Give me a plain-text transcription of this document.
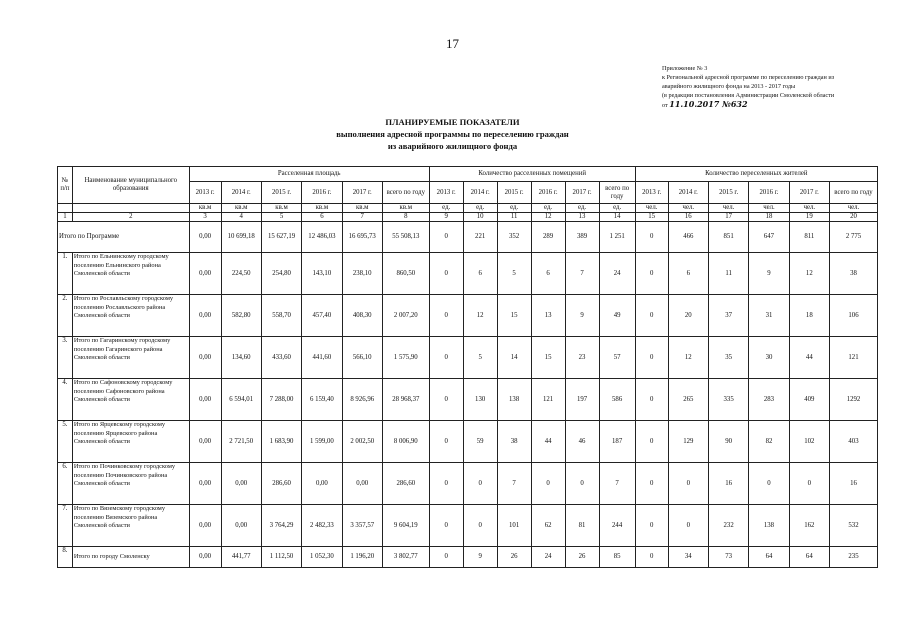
17
Приложение № 3
к Региональной адресной программе по переселению граждан из
аварийного жилищного фонда на 2013 - 2017 годы
(в редакции постановления Администрации Смоленской области
от 11.10.2017 №632
ПЛАНИРУЕМЫЕ ПОКАЗАТЕЛИ
выполнения адресной программы по переселению граждан
из аварийного жилищного фонда
№ п/п	Наименование муниципального образования	Расселенная площадь						Количество расселенных помещений						Количество переселенных жителей					
		2013 г.	2014 г.	2015 г.	2016 г.	2017 г.	всего по году	2013 г.	2014 г.	2015 г.	2016 г.	2017 г.	всего по году	2013 г.	2014 г.	2015 г.	2016 г.	2017 г.	всего по году
		кв.м	кв.м	кв.м	кв.м	кв.м	кв.м	ед.	ед.	ед.	ед.	ед.	ед.	чел.	чел.	чел.	чел.	чел.	чел.
1	2	3	4	5	6	7	8	9	10	11	12	13	14	15	16	17	18	19	20
Итого по Программе		0,00	10 699,18	15 627,19	12 486,03	16 695,73	55 508,13	0	221	352	289	389	1 251	0	466	851	647	811	2 775
1.	Итого по Ельнинскому городскому поселению Ельнинского района Смоленской области	0,00	224,50	254,80	143,10	238,10	860,50	0	6	5	6	7	24	0	6	11	9	12	38
2.	Итого по Рославльскому городскому поселению Рославльского района Смоленской области	0,00	582,80	558,70	457,40	408,30	2 007,20	0	12	15	13	9	49	0	20	37	31	18	106
3.	Итого по Гагаринскому городскому поселению Гагаринского района Смоленской области	0,00	134,60	433,60	441,60	566,10	1 575,90	0	5	14	15	23	57	0	12	35	30	44	121
4.	Итого по Сафоновскому городскому поселению Сафоновского района Смоленской области	0,00	6 594,01	7 288,00	6 159,40	8 926,96	28 968,37	0	130	138	121	197	586	0	265	335	283	409	1292
5.	Итого по Ярцевскому городскому поселению Ярцевского района Смоленской области	0,00	2 721,50	1 683,90	1 599,00	2 002,50	8 006,90	0	59	38	44	46	187	0	129	90	82	102	403
6.	Итого по Починковскому городскому поселению Починковского района Смоленской области	0,00	0,00	286,60	0,00	0,00	286,60	0	0	7	0	0	7	0	0	16	0	0	16
7.	Итого по Вяземскому городскому поселению Вяземского района Смоленской области	0,00	0,00	3 764,29	2 482,33	3 357,57	9 604,19	0	0	101	62	81	244	0	0	232	138	162	532
8.	Итого по городу Смоленску	0,00	441,77	1 112,50	1 052,30	1 196,20	3 802,77	0	9	26	24	26	85	0	34	73	64	64	235
